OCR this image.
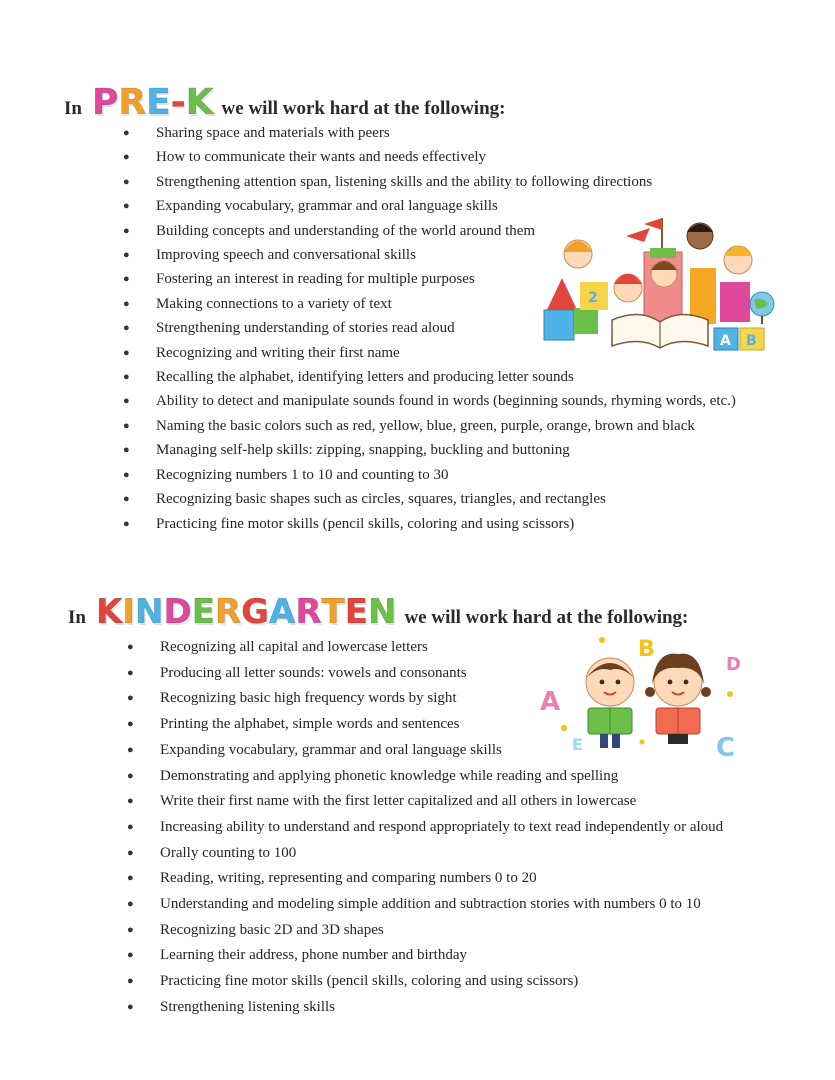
In P R E - K we will work hard at the following:
● Sharing space and materials with peers
● How to communicate their wants and needs effectively
● Strengthening attention span, listening skills and the ability to following directions
● Expanding vocabulary, grammar and oral language skills
● Building concepts and understanding of the world around them
● Improving speech and conversational skills
● Fostering an interest in reading for multiple purposes
● Making connections to a variety of text
● Strengthening understanding of stories read aloud
● Recognizing and writing their first name
● Recalling the alphabet, identifying letters and producing letter sounds
● Ability to detect and manipulate sounds found in words (beginning sounds, rhyming words, etc.)
● Naming the basic colors such as red, yellow, blue, green, purple, orange, brown and black
● Managing self-help skills: zipping, snapping, buckling and buttoning
● Recognizing numbers 1 to 10 and counting to 30
● Recognizing basic shapes such as circles, squares, triangles, and rectangles
● Practicing fine motor skills (pencil skills, coloring and using scissors)
2
A B
In K I N D E R G A R T E N we will work hard at the following:
● Recognizing all capital and lowercase letters
● Producing all letter sounds: vowels and consonants
● Recognizing basic high frequency words by sight
● Printing the alphabet, simple words and sentences
● Expanding vocabulary, grammar and oral language skills
● Demonstrating and applying phonetic knowledge while reading and spelling
● Write their first name with the first letter capitalized and all others in lowercase
● Increasing ability to understand and respond appropriately to text read independently or aloud
● Orally counting to 100
● Reading, writing, representing and comparing numbers 0 to 20
● Understanding and modeling simple addition and subtraction stories with numbers 0 to 10
● Recognizing basic 2D and 3D shapes
● Learning their address, phone number and birthday
● Practicing fine motor skills (pencil skills, coloring and using scissors)
● Strengthening listening skills
A
B
C
D
E
